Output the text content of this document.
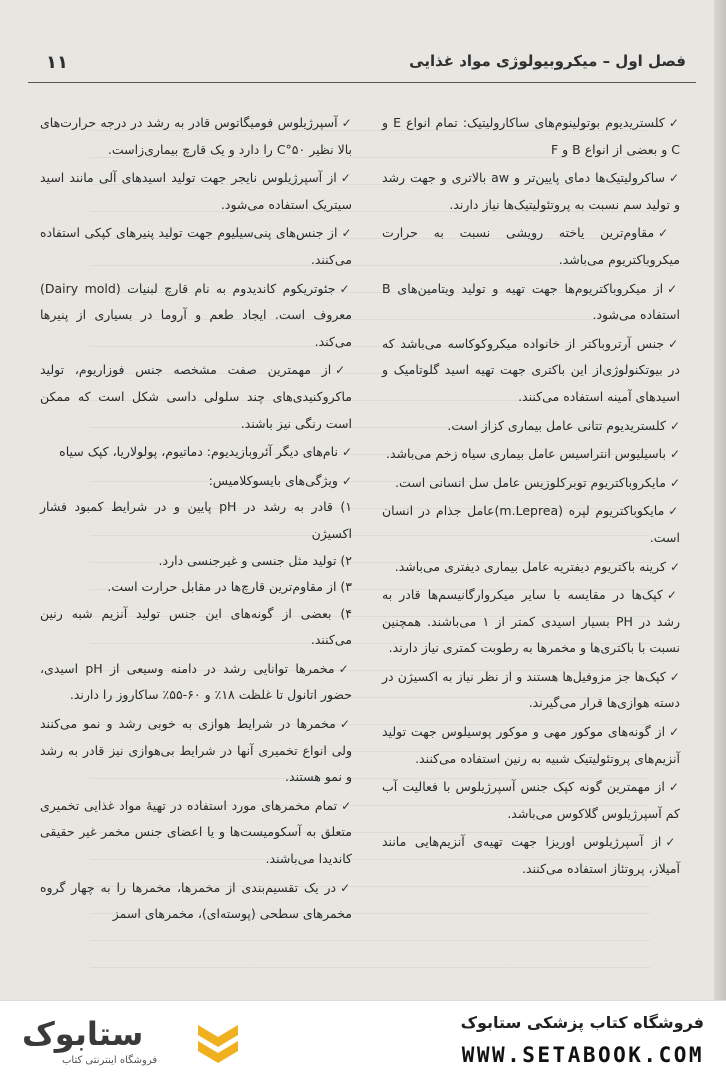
فصل اول – میکروبیولوژی مواد غذایی
۱۱

✓کلستریدیوم بوتولینوم‌های ساکارولیتیک: تمام انواع E و C و بعضی از انواع B و F

✓ساکرولیتیک‌ها دمای پایین‌تر و aw بالاتری و جهت رشد و تولید سم نسبت به پروتئولیتیک‌ها نیاز دارند.

✓مقاوم‌ترین یاخته رویشی نسبت به حرارت میکروباکتریوم می‌باشد.

✓از میکروباکتریوم‌ها جهت تهیه و تولید ویتامین‌های B استفاده می‌شود.

✓جنس آرتروباکتر از خانواده میکروکوکاسه می‌باشد که در بیوتکنولوژی‌از این باکتری جهت تهیه اسید گلوتامیک و اسیدهای آمینه استفاده می‌کنند.

✓کلستریدیوم تتانی عامل بیماری کزاز است.

✓باسیلیوس انتراسیس عامل بیماری سیاه زخم می‌باشد.

✓مایکروباکتریوم توبرکلوزیس عامل سل انسانی است.

✓مایکوباکتریوم لپره (m.Leprea)عامل جذام در انسان است.

✓کرینه باکتریوم دیفتریه عامل بیماری دیفتری می‌باشد.

✓کپک‌ها در مقایسه با سایر میکروارگانیسم‌ها قادر به رشد در PH بسیار اسیدی کمتر از ۱ می‌باشند. همچنین نسبت با باکتری‌ها و مخمرها به رطوبت کمتری نیاز دارند.

✓کپک‌ها جز مزوفیل‌ها هستند و از نظر نیاز به اکسیژن در دسته هوازی‌ها قرار می‌گیرند.

✓از گونه‌های موکور مهی و موکور پوسیلوس جهت تولید آنزیم‌های پروتئولیتیک شبیه به رنین استفاده می‌کنند.

✓از مهمترین گونه کپک جنس آسپرژیلوس با فعالیت آب کم آسپرژیلوس گلاکوس می‌باشد.

✓از آسپرژیلوس اوریزا جهت تهیه‌ی آنزیم‌هایی مانند آمیلاز، پروتئاز استفاده می‌کنند.

✓آسپرژیلوس فومیگاتوس قادر به رشد در درجه حرارت‌های بالا نظیر ۵۰°C را دارد و یک قارچ بیماری‌زاست.

✓از آسپرژیلوس نایجر جهت تولید اسیدهای آلی مانند اسید سیتریک استفاده می‌شود.

✓از جنس‌های پنی‌سیلیوم جهت تولید پنیرهای کپکی استفاده می‌کنند.

✓جئوتریکوم کاندیدوم به نام قارچ لبنیات (Dairy mold) معروف است. ایجاد طعم و آروما در بسیاری از پنیرها می‌کند.

✓از مهمترین صفت مشخصه جنس فوزاریوم، تولید ماکروکنیدی‌های چند سلولی داسی شکل است که ممکن است رنگی نیز باشند.

✓نام‌های دیگر آئروبازیدیوم: دماتیوم، پولولاریا، کپک سیاه

✓ویژگی‌های بایسوکلامیس:

۱) قادر به رشد در pH پایین و در شرایط کمبود فشار اکسیژن

۲) تولید مثل جنسی و غیرجنسی دارد.

۳) از مقاوم‌ترین قارچ‌ها در مقابل حرارت است.

۴) بعضی از گونه‌های این جنس تولید آنزیم شبه رنین می‌کنند.

✓مخمرها توانایی رشد در دامنه وسیعی از pH اسیدی، حضور اتانول تا غلظت ۱۸٪ و ۶۰-۵۵٪ ساکاروز را دارند.

✓مخمرها در شرایط هوازی به خوبی رشد و نمو می‌کنند ولی انواع تخمیری آنها در شرایط بی‌هوازی نیز قادر به رشد و نمو هستند.

✓تمام مخمرهای مورد استفاده در تهیهٔ مواد غذایی تخمیری متعلق به آسکومیست‌ها و یا اعضای جنس مخمر غیر حقیقی کاندیدا می‌باشند.

✓در یک تقسیم‌بندی از مخمرها، مخمرها را به چهار گروه مخمرهای سطحی (پوسته‌ای)، مخمرهای اسمز

ستابوک
فروشگاه اینترنتی کتاب
فروشگاه کتاب پزشکی ستابوک
WWW.SETABOOK.COM
